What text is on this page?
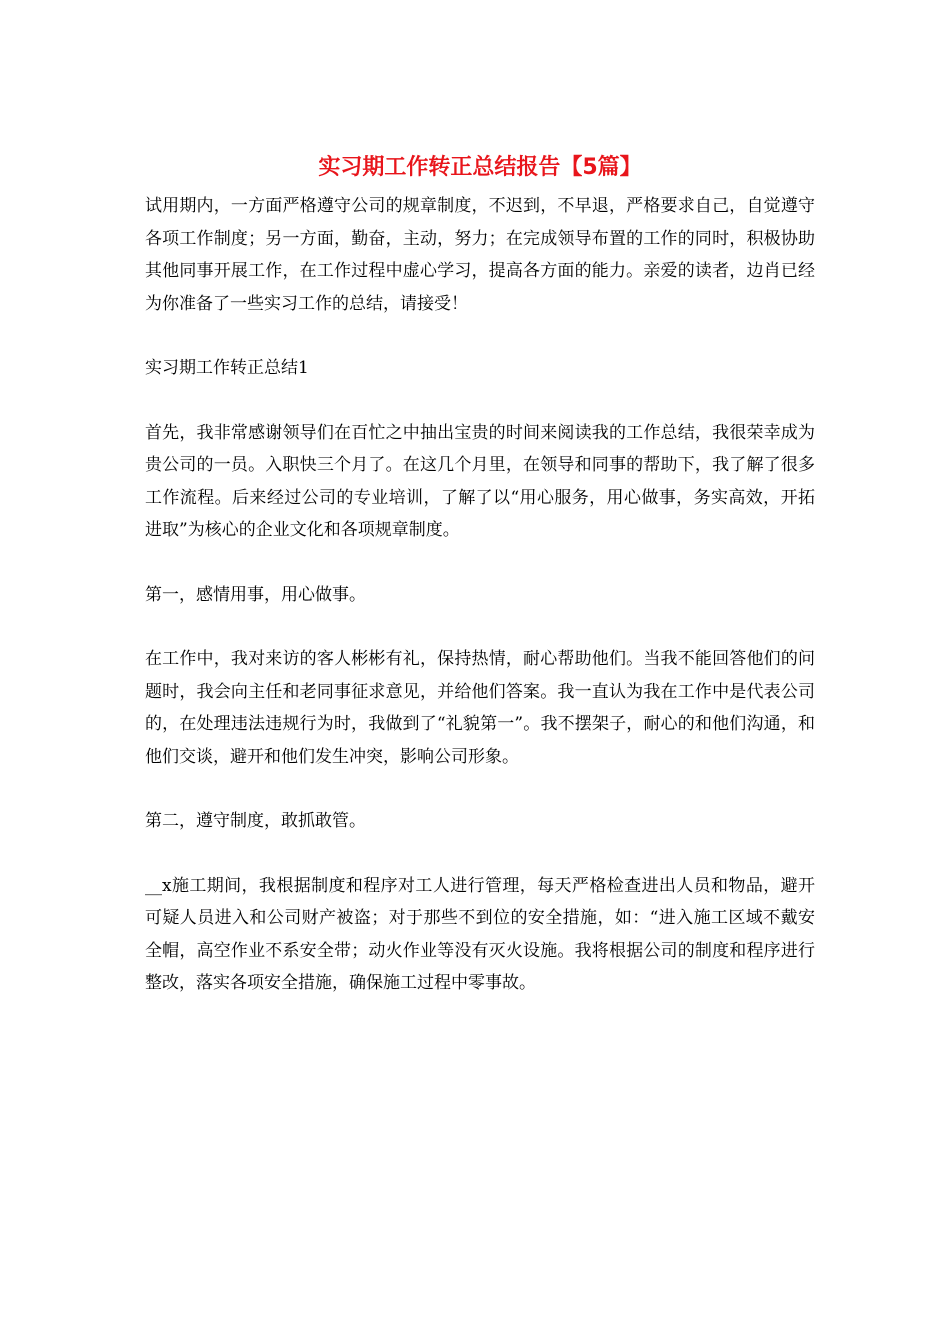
实习期工作转正总结报告【5篇】

试用期内，一方面严格遵守公司的规章制度，不迟到，不早退，严格要求自己，自觉遵守各项工作制度；另一方面，勤奋，主动，努力；在完成领导布置的工作的同时，积极协助其他同事开展工作，在工作过程中虚心学习，提高各方面的能力。亲爱的读者，边肖已经为你准备了一些实习工作的总结，请接受！

实习期工作转正总结1

首先，我非常感谢领导们在百忙之中抽出宝贵的时间来阅读我的工作总结，我很荣幸成为贵公司的一员。入职快三个月了。在这几个月里，在领导和同事的帮助下，我了解了很多工作流程。后来经过公司的专业培训，了解了以“用心服务，用心做事，务实高效，开拓进取”为核心的企业文化和各项规章制度。

第一，感情用事，用心做事。

在工作中，我对来访的客人彬彬有礼，保持热情，耐心帮助他们。当我不能回答他们的问题时，我会向主任和老同事征求意见，并给他们答案。我一直认为我在工作中是代表公司的，在处理违法违规行为时，我做到了“礼貌第一”。我不摆架子，耐心的和他们沟通，和他们交谈，避开和他们发生冲突，影响公司形象。

第二，遵守制度，敢抓敢管。

__x施工期间，我根据制度和程序对工人进行管理，每天严格检查进出人员和物品，避开可疑人员进入和公司财产被盗；对于那些不到位的安全措施，如：“进入施工区域不戴安全帽，高空作业不系安全带；动火作业等没有灭火设施。我将根据公司的制度和程序进行整改，落实各项安全措施，确保施工过程中零事故。
